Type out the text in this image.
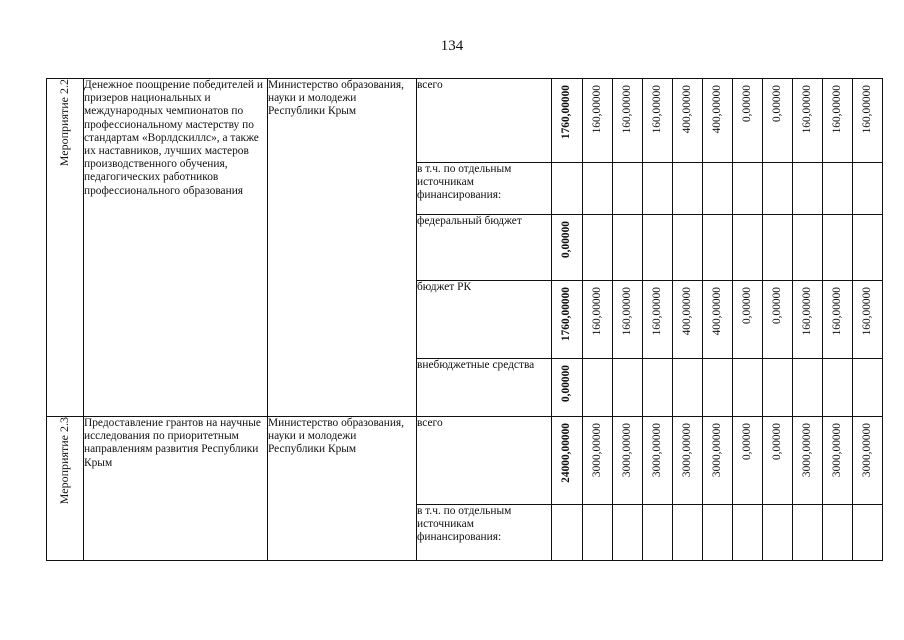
134
Мероприятие 2.2	Денежное поощрение победителей и призеров национальных и международных чемпионатов по профессиональному мастерству по стандартам «Ворлдскиллс», а также их наставников, лучших мастеров производственного обучения, педагогических работников профессионального образования	Министерство образования, науки и молодежи Республики Крым	всего	1760,00000	160,00000	160,00000	160,00000	400,00000	400,00000	0,00000	0,00000	160,00000	160,00000	160,00000
			в т.ч. по отдельным источникам финансирования:											
			федеральный бюджет	0,00000										
			бюджет РК	1760,00000	160,00000	160,00000	160,00000	400,00000	400,00000	0,00000	0,00000	160,00000	160,00000	160,00000
			внебюджетные средства	0,00000										
Мероприятие 2.3	Предоставление грантов на научные исследования по приоритетным направлениям развития Республики Крым	Министерство образования, науки и молодежи Республики Крым	всего	24000,00000	3000,00000	3000,00000	3000,00000	3000,00000	3000,00000	0,00000	0,00000	3000,00000	3000,00000	3000,00000
			в т.ч. по отдельным источникам финансирования:											
